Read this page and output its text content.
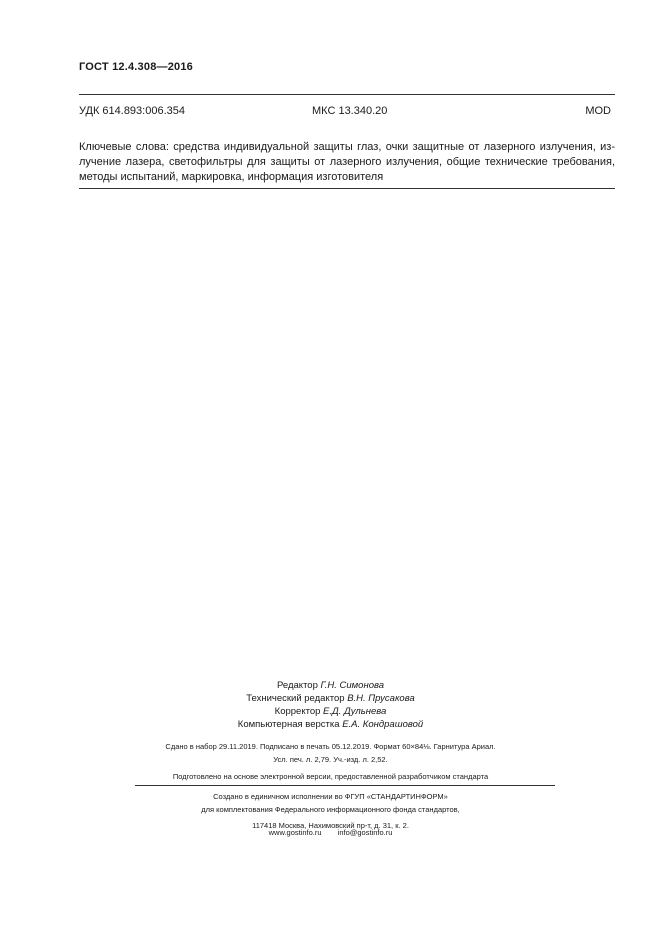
ГОСТ 12.4.308—2016
УДК 614.893:006.354	МКС 13.340.20	MOD
Ключевые слова: средства индивидуальной защиты глаз, очки защитные от лазерного излучения, из-
лучение лазера, светофильтры для защиты от лазерного излучения, общие технические требования,
методы испытаний, маркировка, информация изготовителя
Редактор Г.Н. Симонова
Технический редактор В.Н. Прусакова
Корректор Е.Д. Дульнева
Компьютерная верстка Е.А. Кондрашовой
Сдано в набор 29.11.2019. Подписано в печать 05.12.2019. Формат 60×84⅛. Гарнитура Ариал.
Усл. печ. л. 2,79. Уч.-изд. л. 2,52.
Подготовлено на основе электронной версии, предоставленной разработчиком стандарта
Создано в единичном исполнении во ФГУП «СТАНДАРТИНФОРМ»
для комплектования Федерального информационного фонда стандартов,
117418 Москва, Нахимовский пр-т, д. 31, к. 2.
www.gostinfo.ru info@gostinfo.ru
